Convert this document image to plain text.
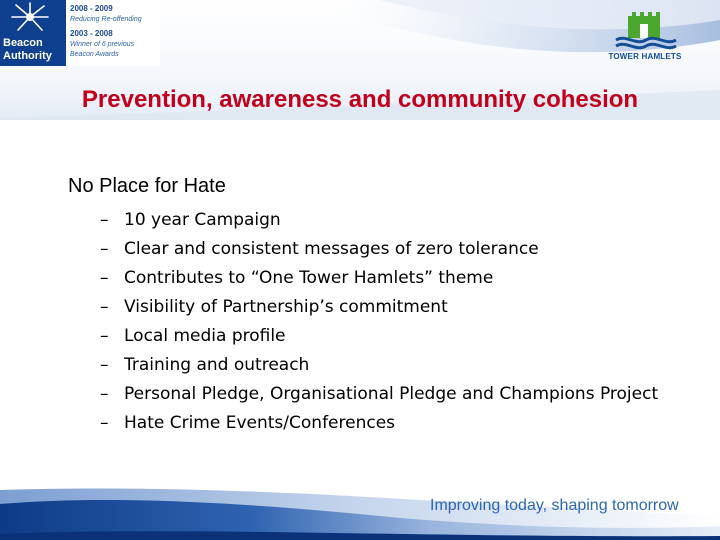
Beacon
Authority
2008 - 2009
Reducing Re-offending
2003 - 2008
Winner of 6 previous
Beacon Awards	TOWER HAMLETS
Prevention, awareness and community cohesion
No Place for Hate
– 10 year Campaign
– Clear and consistent messages of zero tolerance
– Contributes to “One Tower Hamlets” theme
– Visibility of Partnership’s commitment
– Local media profile
– Training and outreach
– Personal Pledge, Organisational Pledge and Champions Project
– Hate Crime Events/Conferences
Improving today, shaping tomorrow
